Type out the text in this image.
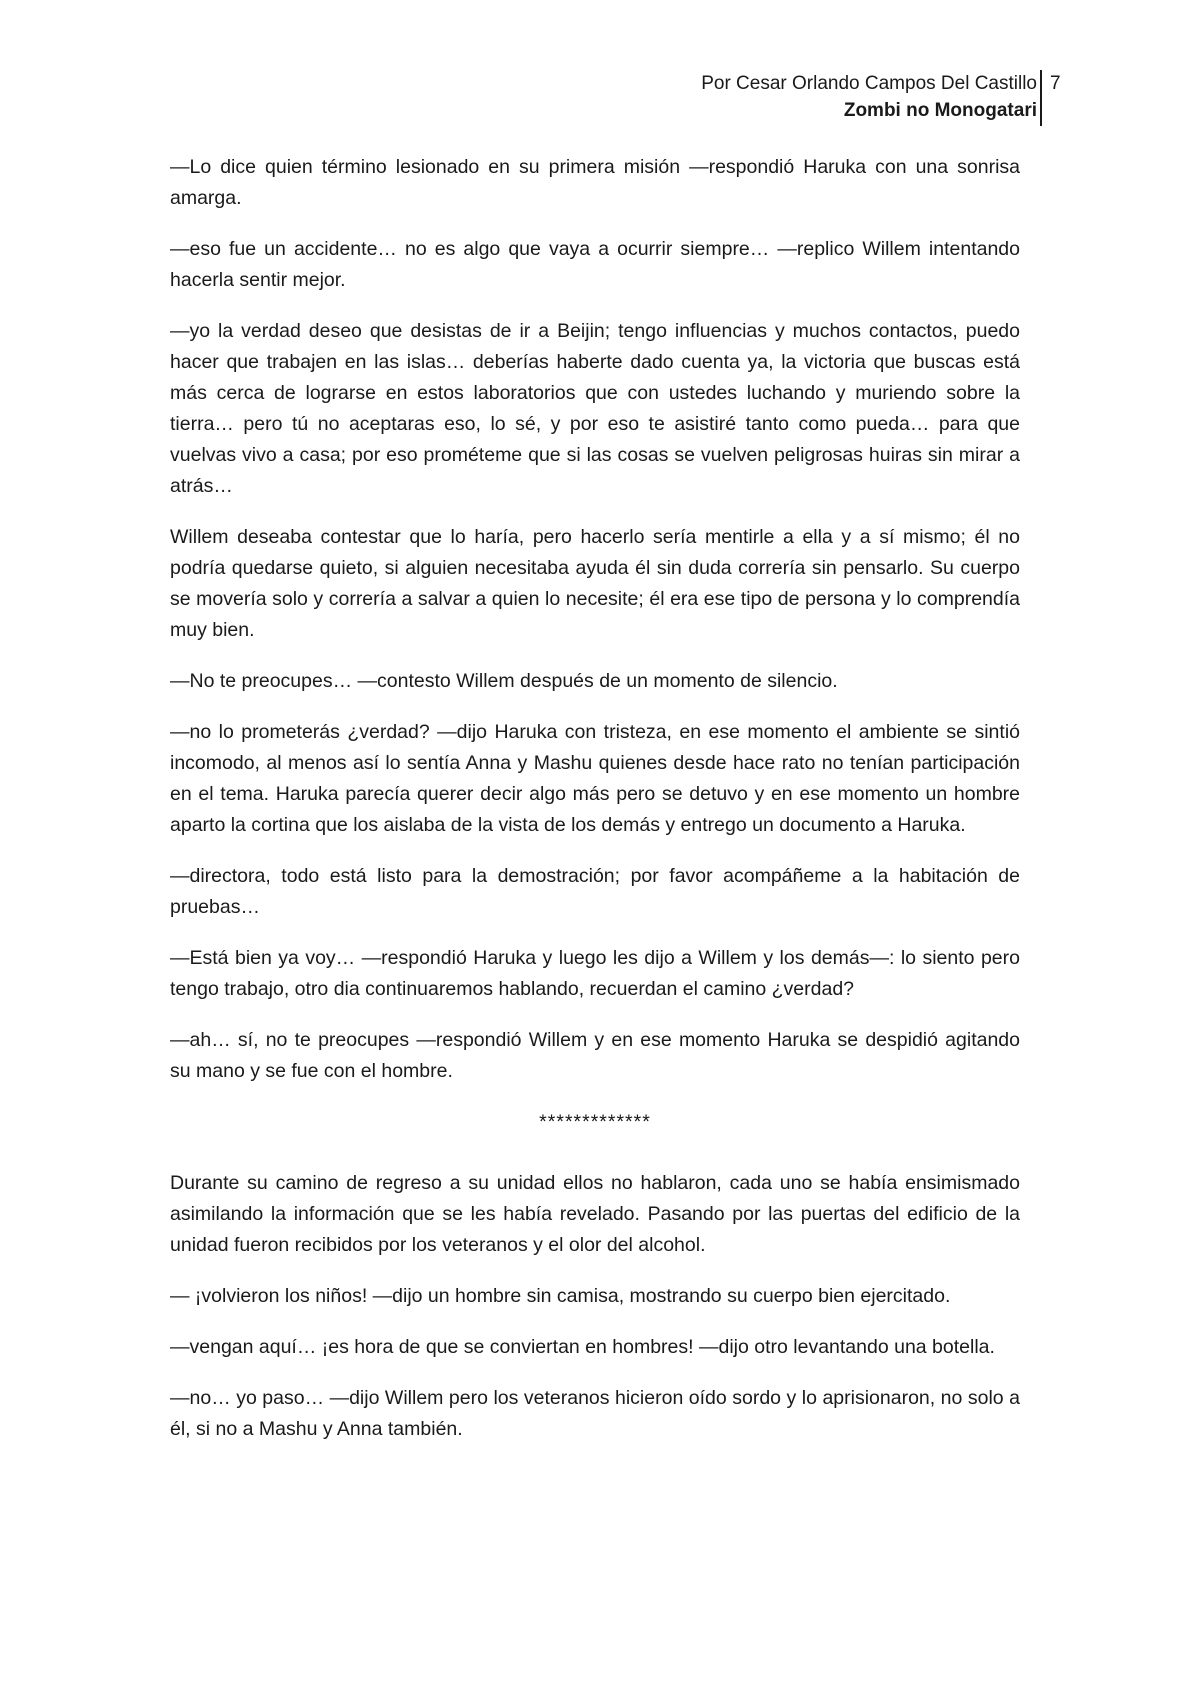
Por Cesar Orlando Campos Del Castillo
Zombi no Monogatari
7

—Lo dice quien término lesionado en su primera misión —respondió Haruka con una sonrisa amarga.

—eso fue un accidente… no es algo que vaya a ocurrir siempre… —replico Willem intentando hacerla sentir mejor.

—yo la verdad deseo que desistas de ir a Beijin; tengo influencias y muchos contactos, puedo hacer que trabajen en las islas… deberías haberte dado cuenta ya, la victoria que buscas está más cerca de lograrse en estos laboratorios que con ustedes luchando y muriendo sobre la tierra… pero tú no aceptaras eso, lo sé, y por eso te asistiré tanto como pueda… para que vuelvas vivo a casa; por eso prométeme que si las cosas se vuelven peligrosas huiras sin mirar a atrás…

Willem deseaba contestar que lo haría, pero hacerlo sería mentirle a ella y a sí mismo; él no podría quedarse quieto, si alguien necesitaba ayuda él sin duda correría sin pensarlo. Su cuerpo se movería solo y correría a salvar a quien lo necesite; él era ese tipo de persona y lo comprendía muy bien.

—No te preocupes… —contesto Willem después de un momento de silencio.

—no lo prometerás ¿verdad? —dijo Haruka con tristeza, en ese momento el ambiente se sintió incomodo, al menos así lo sentía Anna y Mashu quienes desde hace rato no tenían participación en el tema. Haruka parecía querer decir algo más pero se detuvo y en ese momento un hombre aparto la cortina que los aislaba de la vista de los demás y entrego un documento a Haruka.

—directora, todo está listo para la demostración; por favor acompáñeme a la habitación de pruebas…

—Está bien ya voy… —respondió Haruka y luego les dijo a Willem y los demás—: lo siento pero tengo trabajo, otro dia continuaremos hablando, recuerdan el camino ¿verdad?

—ah… sí, no te preocupes —respondió Willem y en ese momento Haruka se despidió agitando su mano y se fue con el hombre.

*************

Durante su camino de regreso a su unidad ellos no hablaron, cada uno se había ensimismado asimilando la información que se les había revelado. Pasando por las puertas del edificio de la unidad fueron recibidos por los veteranos y el olor del alcohol.

— ¡volvieron los niños! —dijo un hombre sin camisa, mostrando su cuerpo bien ejercitado.

—vengan aquí… ¡es hora de que se conviertan en hombres! —dijo otro levantando una botella.

—no… yo paso… —dijo Willem pero los veteranos hicieron oído sordo y lo aprisionaron, no solo a él, si no a Mashu y Anna también.
